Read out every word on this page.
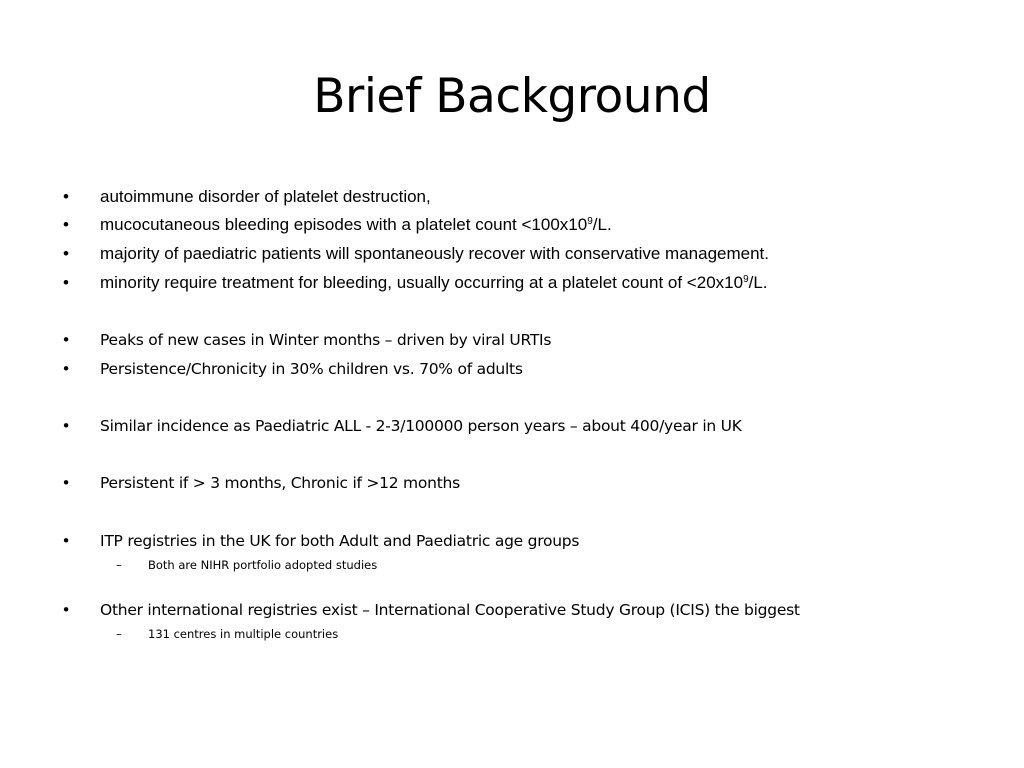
Brief Background
• autoimmune disorder of platelet destruction,
• mucocutaneous bleeding episodes with a platelet count $<100x10^9/L$.
• majority of paediatric patients will spontaneously recover with conservative management.
• minority require treatment for bleeding, usually occurring at a platelet count of $<20x10^9/L$.
• Peaks of new cases in Winter months – driven by viral URTIs
• Persistence/Chronicity in 30% children vs. 70% of adults
• Similar incidence as Paediatric ALL - 2-3/100000 person years – about 400/year in UK
• Persistent if > 3 months, Chronic if >12 months
• ITP registries in the UK for both Adult and Paediatric age groups
–	Both are NIHR portfolio adopted studies
• Other international registries exist – International Cooperative Study Group (ICIS) the biggest
–	131 centres in multiple countries
